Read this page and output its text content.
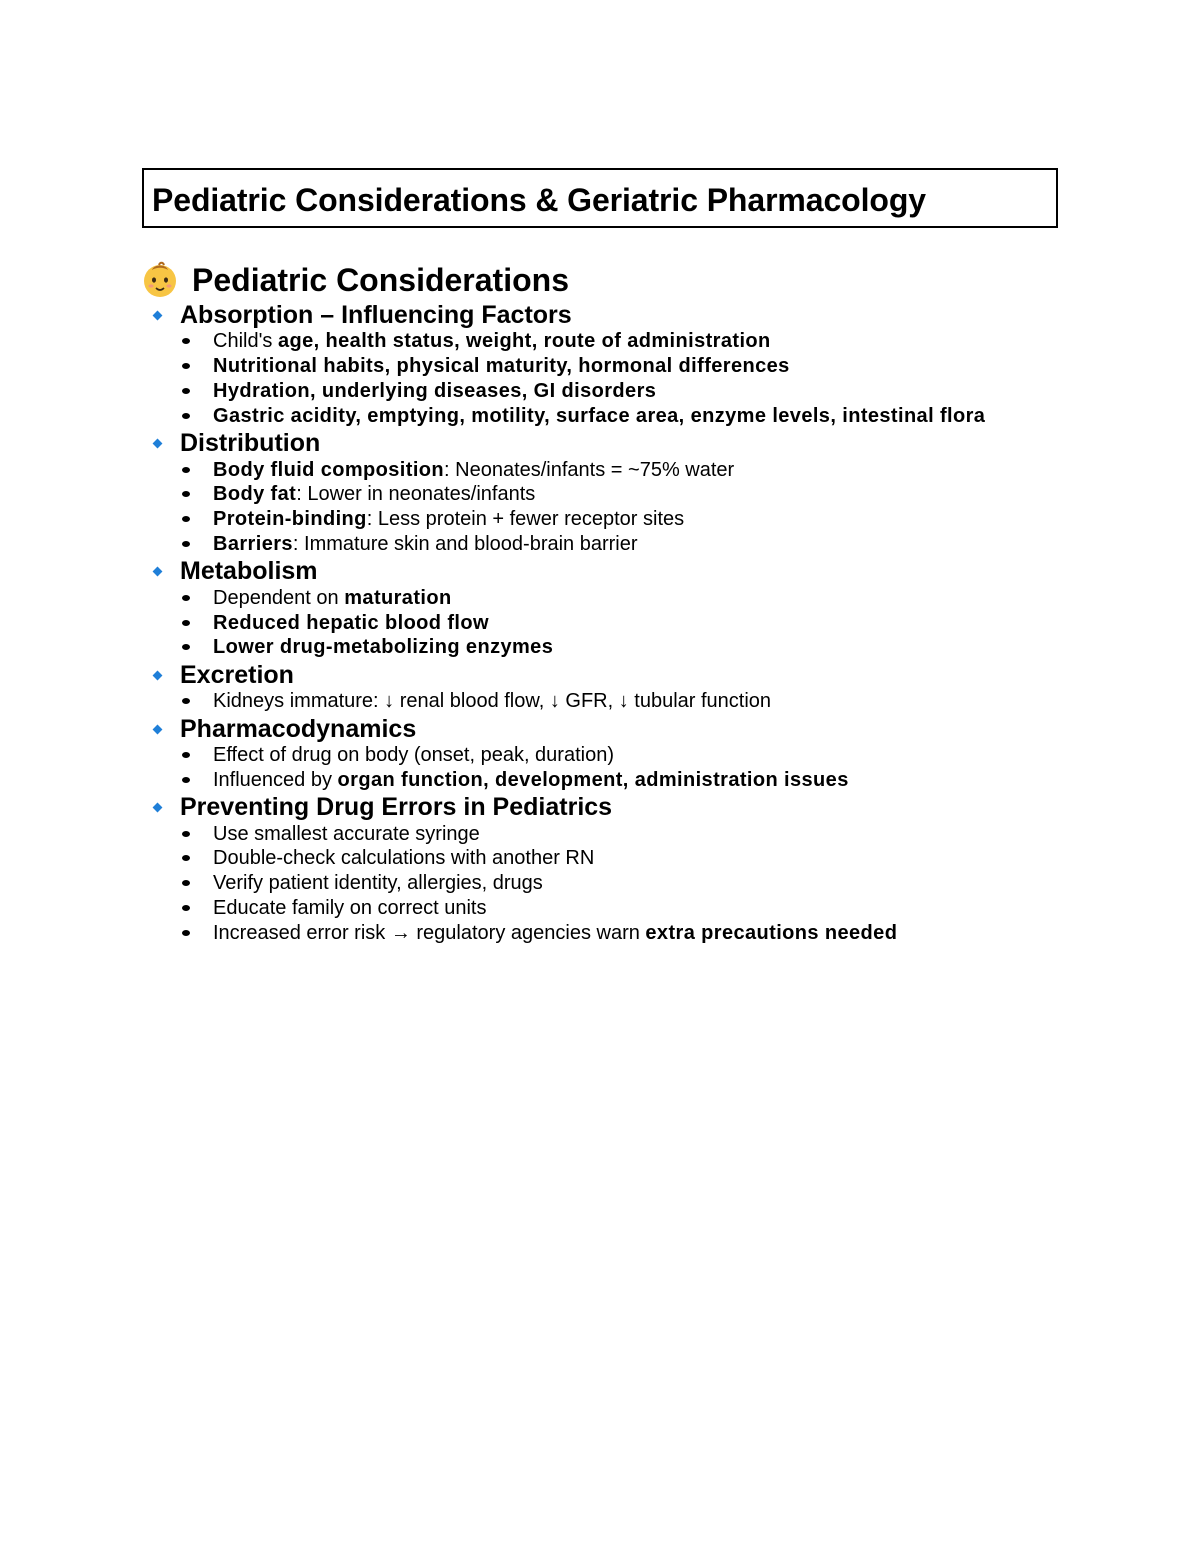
Pediatric Considerations & Geriatric Pharmacology
Pediatric Considerations
Absorption – Influencing Factors
Child's age, health status, weight, route of administration
Nutritional habits, physical maturity, hormonal differences
Hydration, underlying diseases, GI disorders
Gastric acidity, emptying, motility, surface area, enzyme levels, intestinal flora
Distribution
Body fluid composition: Neonates/infants = ~75% water
Body fat: Lower in neonates/infants
Protein-binding: Less protein + fewer receptor sites
Barriers: Immature skin and blood-brain barrier
Metabolism
Dependent on maturation
Reduced hepatic blood flow
Lower drug-metabolizing enzymes
Excretion
Kidneys immature: ↓ renal blood flow, ↓ GFR, ↓ tubular function
Pharmacodynamics
Effect of drug on body (onset, peak, duration)
Influenced by organ function, development, administration issues
Preventing Drug Errors in Pediatrics
Use smallest accurate syringe
Double-check calculations with another RN
Verify patient identity, allergies, drugs
Educate family on correct units
Increased error risk → regulatory agencies warn extra precautions needed
